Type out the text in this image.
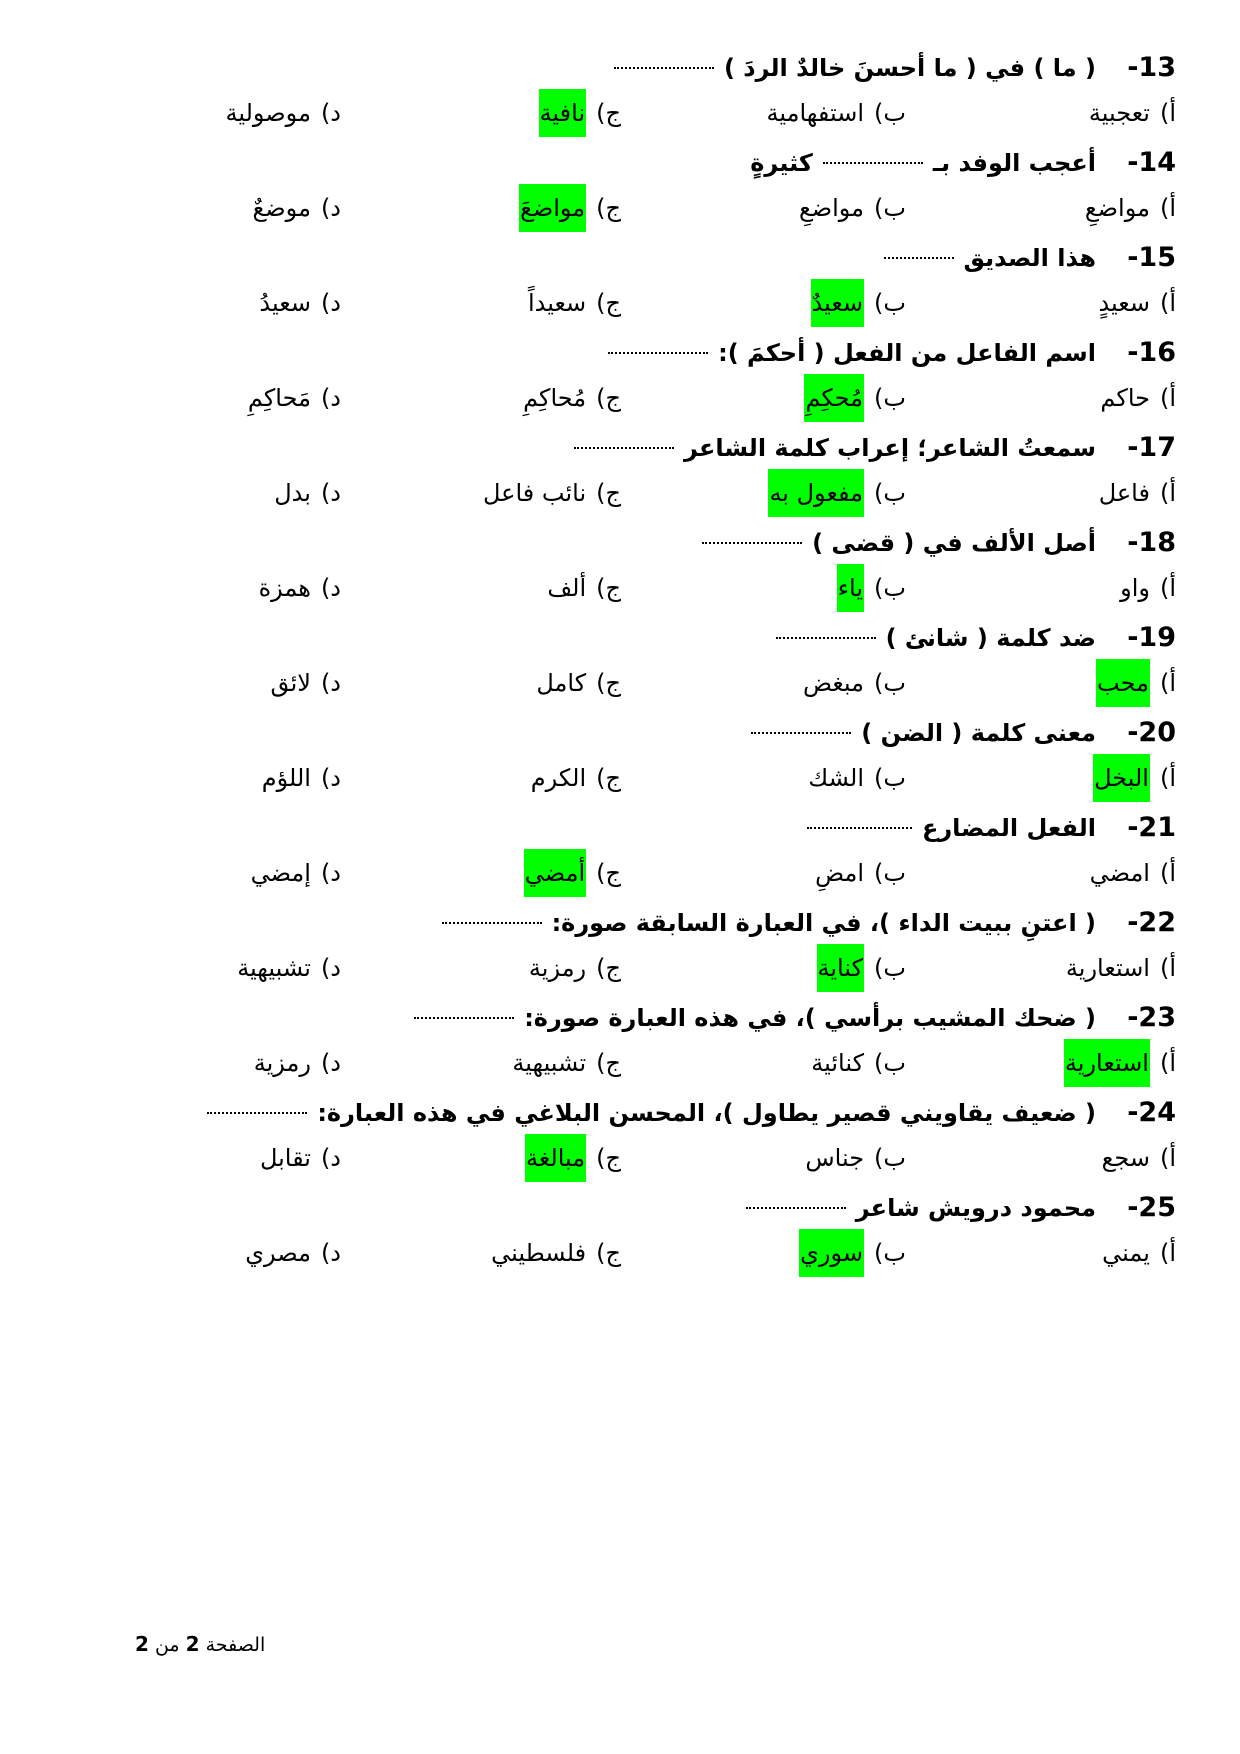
13-
( ما ) في ( ما أحسنَ خالدٌ الردَ )
أ)تعجبية
ب)استفهامية
ج)نافية
د)موصولية
14-
أعجب الوفد بـكثيرةٍ
أ)مواضعِ
ب)مواضعِ
ج)مواضعَ
د)موضعٌ
15-
هذا الصديق
أ)سعيدٍ
ب)سعيدٌ
ج)سعيداً
د)سعيدُ
16-
اسم الفاعل من الفعل ( أحكمَ ):
أ)حاكم
ب)مُحكِمِ
ج)مُحاكِمِ
د)مَحاكِمِ
17-
سمعتُ الشاعر؛ إعراب كلمة الشاعر
أ)فاعل
ب)مفعول به
ج)نائب فاعل
د)بدل
18-
أصل الألف في ( قضى )
أ)واو
ب)ياء
ج)ألف
د)همزة
19-
ضد كلمة ( شانئ )
أ)محب
ب)مبغض
ج)كامل
د)لائق
20-
معنى كلمة ( الضن )
أ)البخل
ب)الشك
ج)الكرم
د)اللؤم
21-
الفعل المضارع
أ)امضي
ب)امضِ
ج)أمضي
د)إمضي
22-
( اعتنِ ببيت الداء )، في العبارة السابقة صورة:
أ)استعارية
ب)كناية
ج)رمزية
د)تشبيهية
23-
( ضحك المشيب برأسي )، في هذه العبارة صورة:
أ)استعارية
ب)كنائية
ج)تشبيهية
د)رمزية
24-
( ضعيف يقاويني قصير يطاول )، المحسن البلاغي في هذه العبارة:
أ)سجع
ب)جناس
ج)مبالغة
د)تقابل
25-
محمود درويش شاعر
أ)يمني
ب)سوري
ج)فلسطيني
د)مصري
الصفحة 2 من 2
